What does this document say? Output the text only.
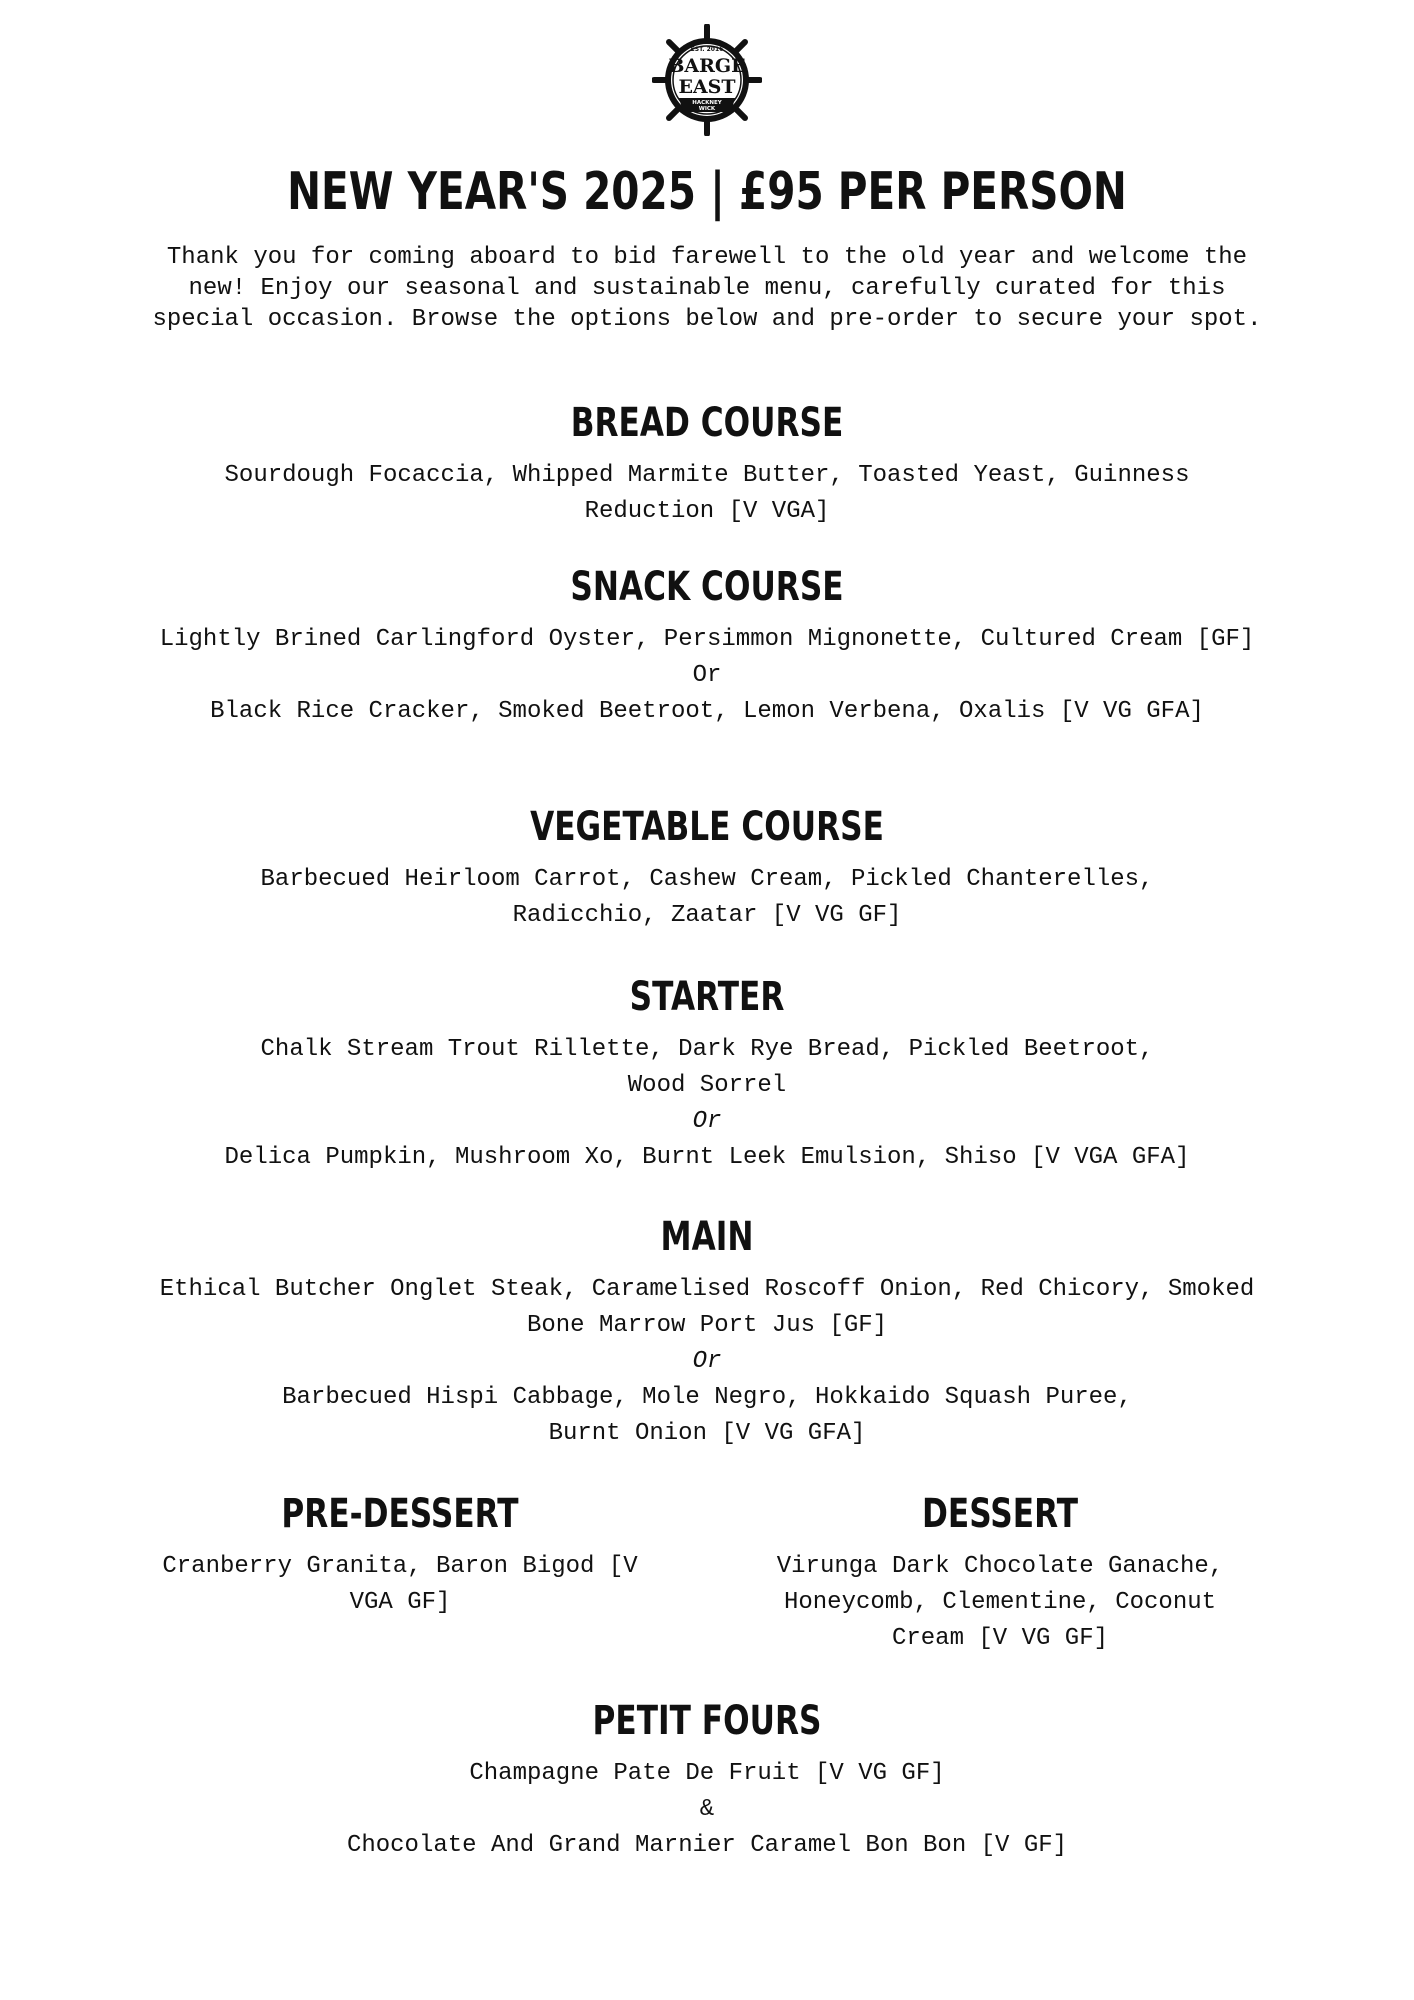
EST. 2016
BARGE
EAST
HACKNEY
WICK
NEW YEAR'S 2025 | £95 PER PERSON
Thank you for coming aboard to bid farewell to the old year and welcome the new! Enjoy our seasonal and sustainable menu, carefully curated for this special occasion. Browse the options below and pre-order to secure your spot.
BREAD COURSE
Sourdough Focaccia, Whipped Marmite Butter, Toasted Yeast, Guinness Reduction [V VGA]
SNACK COURSE
Lightly Brined Carlingford Oyster, Persimmon Mignonette, Cultured Cream [GF]
Or
Black Rice Cracker, Smoked Beetroot, Lemon Verbena, Oxalis [V VG GFA]
VEGETABLE COURSE
Barbecued Heirloom Carrot, Cashew Cream, Pickled Chanterelles, Radicchio, Zaatar [V VG GF]
STARTER
Chalk Stream Trout Rillette, Dark Rye Bread, Pickled Beetroot, Wood Sorrel
Or
Delica Pumpkin, Mushroom Xo, Burnt Leek Emulsion, Shiso [V VGA GFA]
MAIN
Ethical Butcher Onglet Steak, Caramelised Roscoff Onion, Red Chicory, Smoked Bone Marrow Port Jus [GF]
Or
Barbecued Hispi Cabbage, Mole Negro, Hokkaido Squash Puree, Burnt Onion [V VG GFA]
PRE-DESSERT
Cranberry Granita, Baron Bigod [V VGA GF]
DESSERT
Virunga Dark Chocolate Ganache, Honeycomb, Clementine, Coconut Cream [V VG GF]
PETIT FOURS
Champagne Pate De Fruit [V VG GF]
&
Chocolate And Grand Marnier Caramel Bon Bon [V GF]
